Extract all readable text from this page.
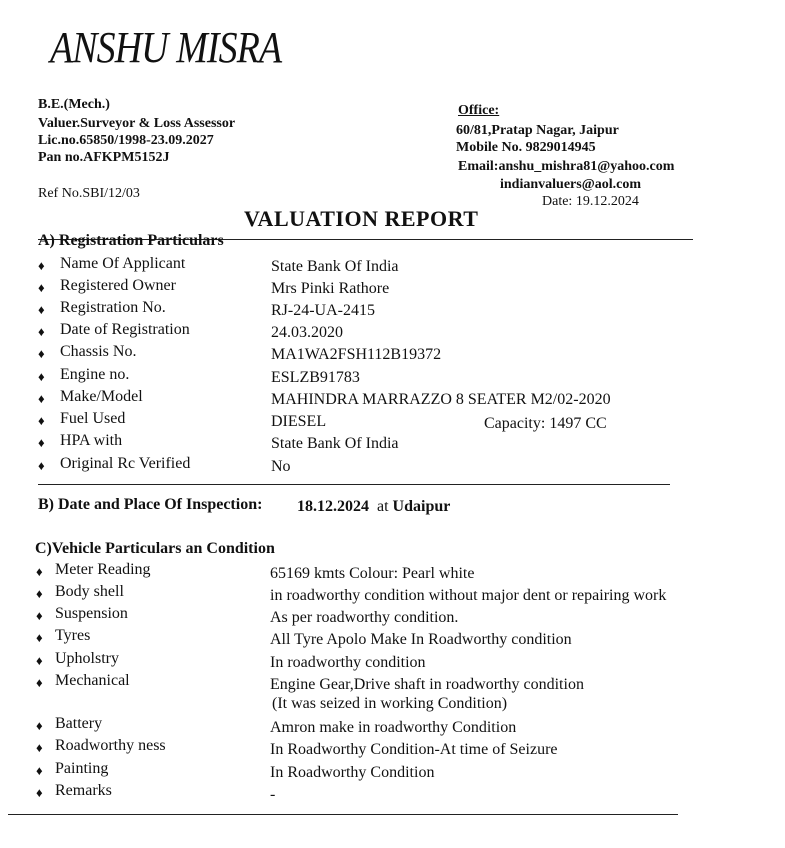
ANSHU MISRA
B.E.(Mech.)
Valuer.Surveyor & Loss Assessor
Lic.no.65850/1998-23.09.2027
Pan no.AFKPM5152J
Office:
60/81,Pratap Nagar, Jaipur
Mobile No. 9829014945
Email:anshu_mishra81@yahoo.com
indianvaluers@aol.com
Ref No.SBI/12/03
Date: 19.12.2024
VALUATION REPORT
A) Registration Particulars
♦ Name Of Applicant	State Bank Of India
♦ Registered Owner	Mrs Pinki Rathore
♦ Registration No.	RJ-24-UA-2415
♦ Date of Registration	24.03.2020
♦ Chassis No.	MA1WA2FSH112B19372
♦ Engine no.	ESLZB91783
♦ Make/Model	MAHINDRA MARRAZZO 8 SEATER M2/02-2020
♦ Fuel Used	DIESEL	Capacity: 1497 CC
♦ HPA with	State Bank Of India
♦ Original Rc Verified	No
B) Date and Place Of Inspection: 18.12.2024 at Udaipur
C)Vehicle Particulars an Condition
♦ Meter Reading	65169 kmts Colour: Pearl white
♦ Body shell	in roadworthy condition without major dent or repairing work
♦ Suspension	As per roadworthy condition.
♦ Tyres	All Tyre Apolo Make In Roadworthy condition
♦ Upholstry	In roadworthy condition
♦ Mechanical	Engine Gear,Drive shaft in roadworthy condition
(It was seized in working Condition)
♦ Battery	Amron make in roadworthy Condition
♦ Roadworthy ness	In Roadworthy Condition-At time of Seizure
♦ Painting	In Roadworthy Condition
♦ Remarks	-
